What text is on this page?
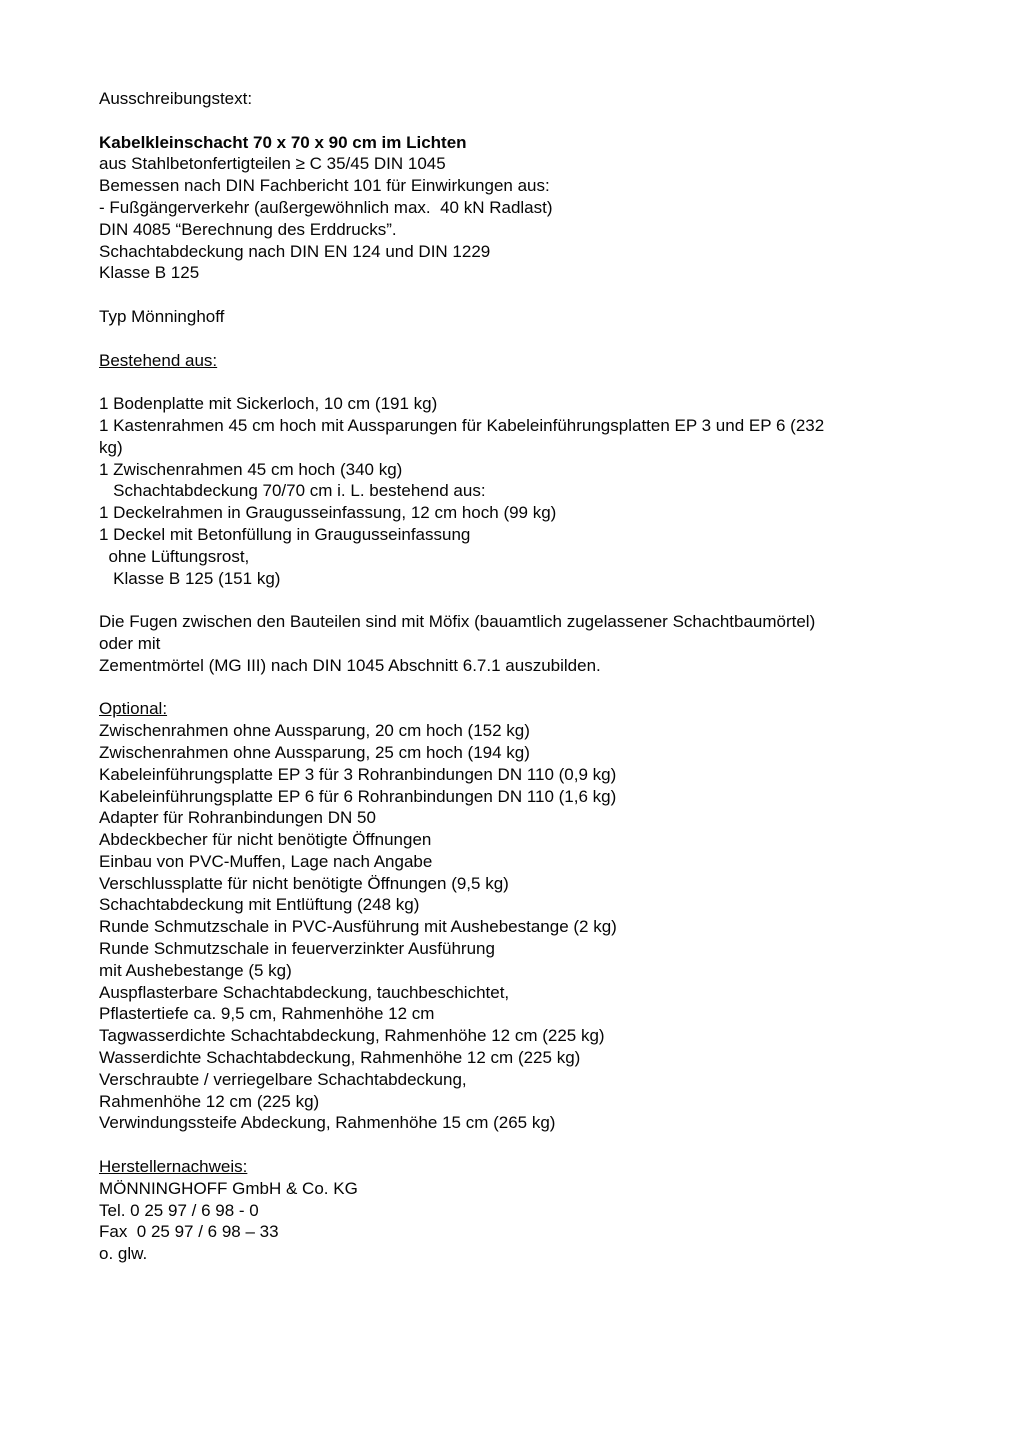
Ausschreibungstext:
Kabelkleinschacht 70 x 70 x 90 cm im Lichten
aus Stahlbetonfertigteilen ≥ C 35/45 DIN 1045
Bemessen nach DIN Fachbericht 101 für Einwirkungen aus:
- Fußgängerverkehr (außergewöhnlich max.  40 kN Radlast)
DIN 4085 “Berechnung des Erddrucks”.
Schachtabdeckung nach DIN EN 124 und DIN 1229
Klasse B 125
Typ Mönninghoff
Bestehend aus:
1 Bodenplatte mit Sickerloch, 10 cm (191 kg)
1 Kastenrahmen 45 cm hoch mit Aussparungen für Kabeleinführungsplatten EP 3 und EP 6 (232
kg)
1 Zwischenrahmen 45 cm hoch (340 kg)
Schachtabdeckung 70/70 cm i. L. bestehend aus:
1 Deckelrahmen in Graugusseinfassung, 12 cm hoch (99 kg)
1 Deckel mit Betonfüllung in Graugusseinfassung
ohne Lüftungsrost,
Klasse B 125 (151 kg)
Die Fugen zwischen den Bauteilen sind mit Möfix (bauamtlich zugelassener Schachtbaumörtel)
oder mit
Zementmörtel (MG III) nach DIN 1045 Abschnitt 6.7.1 auszubilden.
Optional:
Zwischenrahmen ohne Aussparung, 20 cm hoch (152 kg)
Zwischenrahmen ohne Aussparung, 25 cm hoch (194 kg)
Kabeleinführungsplatte EP 3 für 3 Rohranbindungen DN 110 (0,9 kg)
Kabeleinführungsplatte EP 6 für 6 Rohranbindungen DN 110 (1,6 kg)
Adapter für Rohranbindungen DN 50
Abdeckbecher für nicht benötigte Öffnungen
Einbau von PVC-Muffen, Lage nach Angabe
Verschlussplatte für nicht benötigte Öffnungen (9,5 kg)
Schachtabdeckung mit Entlüftung (248 kg)
Runde Schmutzschale in PVC-Ausführung mit Aushebestange (2 kg)
Runde Schmutzschale in feuerverzinkter Ausführung
mit Aushebestange (5 kg)
Auspflasterbare Schachtabdeckung, tauchbeschichtet,
Pflastertiefe ca. 9,5 cm, Rahmenhöhe 12 cm
Tagwasserdichte Schachtabdeckung, Rahmenhöhe 12 cm (225 kg)
Wasserdichte Schachtabdeckung, Rahmenhöhe 12 cm (225 kg)
Verschraubte / verriegelbare Schachtabdeckung,
Rahmenhöhe 12 cm (225 kg)
Verwindungssteife Abdeckung, Rahmenhöhe 15 cm (265 kg)
Herstellernachweis:
MÖNNINGHOFF GmbH & Co. KG
Tel. 0 25 97 / 6 98 - 0
Fax  0 25 97 / 6 98 – 33
o. glw.
